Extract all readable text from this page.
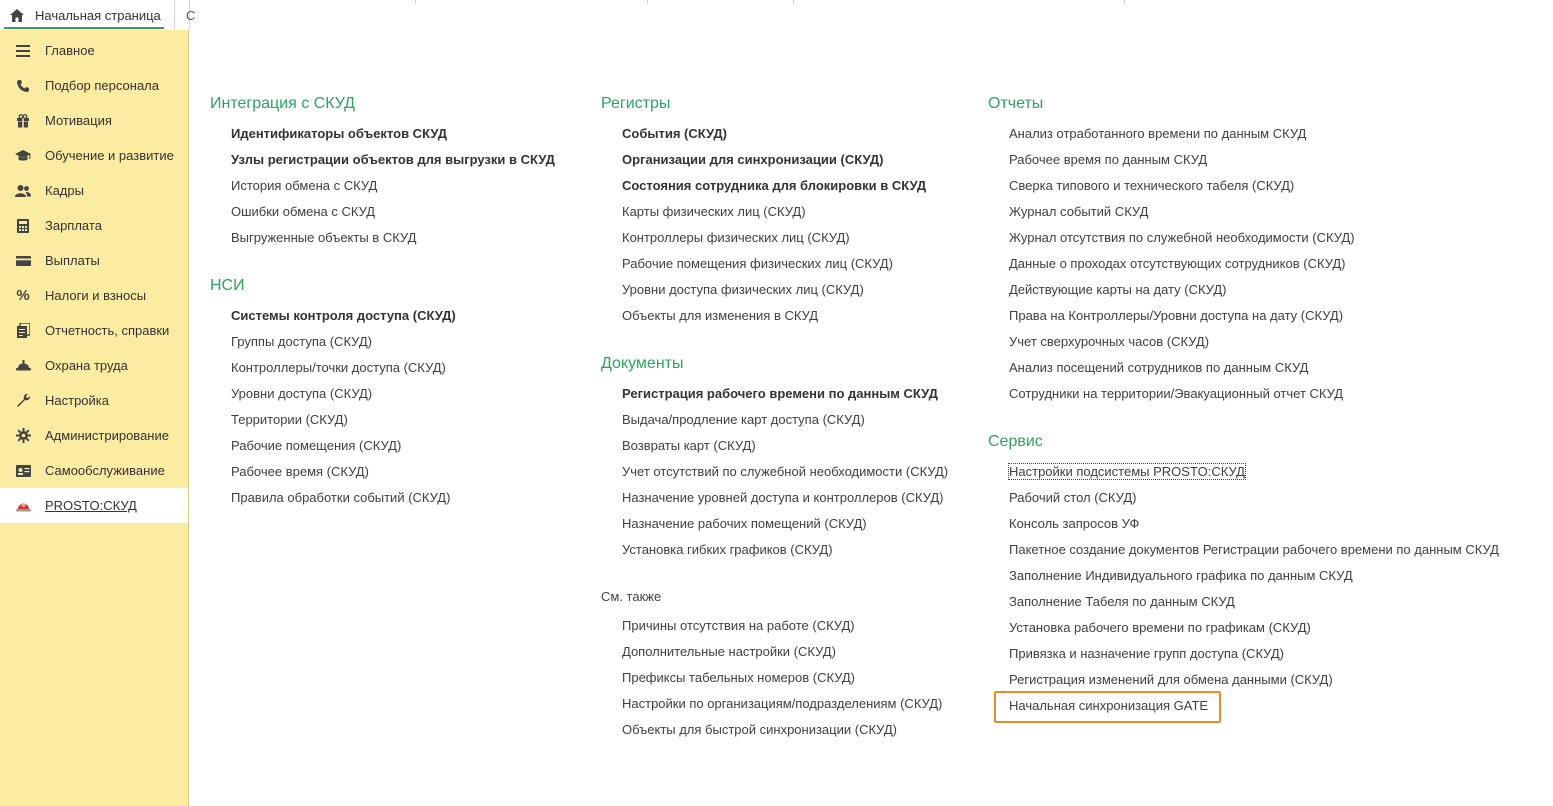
Начальная страница С
Главное
Подбор персонала
Мотивация
Обучение и развитие
Кадры
Зарплата
Выплаты
% Налоги и взносы
Отчетность, справки
Охрана труда
Настройка
Администрирование
Самообслуживание
PROSTO:СКУД
Интеграция с СКУД
Идентификаторы объектов СКУД
Узлы регистрации объектов для выгрузки в СКУД
История обмена с СКУД
Ошибки обмена с СКУД
Выгруженные объекты в СКУД
НСИ
Системы контроля доступа (СКУД)
Группы доступа (СКУД)
Контроллеры/точки доступа (СКУД)
Уровни доступа (СКУД)
Территории (СКУД)
Рабочие помещения (СКУД)
Рабочее время (СКУД)
Правила обработки событий (СКУД)
Регистры
События (СКУД)
Организации для синхронизации (СКУД)
Состояния сотрудника для блокировки в СКУД
Карты физических лиц (СКУД)
Контроллеры физических лиц (СКУД)
Рабочие помещения физических лиц (СКУД)
Уровни доступа физических лиц (СКУД)
Объекты для изменения в СКУД
Документы
Регистрация рабочего времени по данным СКУД
Выдача/продление карт доступа (СКУД)
Возвраты карт (СКУД)
Учет отсутствий по служебной необходимости (СКУД)
Назначение уровней доступа и контроллеров (СКУД)
Назначение рабочих помещений (СКУД)
Установка гибких графиков (СКУД)
См. также
Причины отсутствия на работе (СКУД)
Дополнительные настройки (СКУД)
Префиксы табельных номеров (СКУД)
Настройки по организациям/подразделениям (СКУД)
Объекты для быстрой синхронизации (СКУД)
Отчеты
Анализ отработанного времени по данным СКУД
Рабочее время по данным СКУД
Сверка типового и технического табеля (СКУД)
Журнал событий СКУД
Журнал отсутствия по служебной необходимости (СКУД)
Данные о проходах отсутствующих сотрудников (СКУД)
Действующие карты на дату (СКУД)
Права на Контроллеры/Уровни доступа на дату (СКУД)
Учет сверхурочных часов (СКУД)
Анализ посещений сотрудников по данным СКУД
Сотрудники на территории/Эвакуационный отчет СКУД
Сервис
Настройки подсистемы PROSTO:СКУД
Рабочий стол (СКУД)
Консоль запросов УФ
Пакетное создание документов Регистрации рабочего времени по данным СКУД
Заполнение Индивидуального графика по данным СКУД
Заполнение Табеля по данным СКУД
Установка рабочего времени по графикам (СКУД)
Привязка и назначение групп доступа (СКУД)
Регистрация изменений для обмена данными (СКУД)
Начальная синхронизация GATE
